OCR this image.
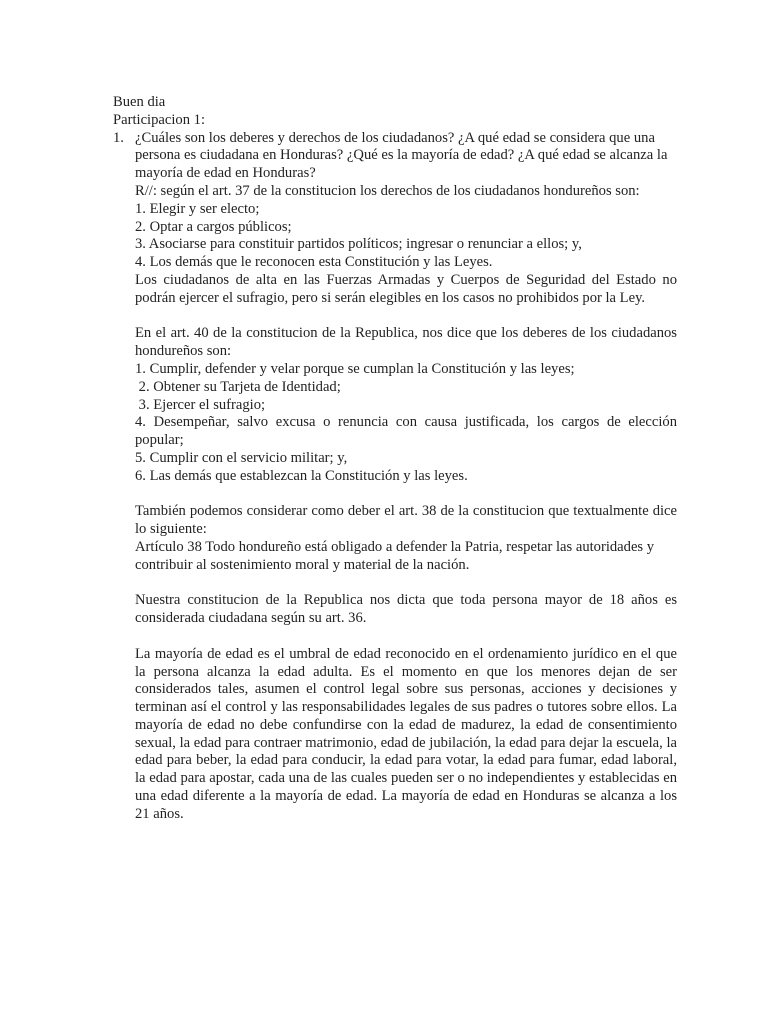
Buen dia
Participacion 1:
1. ¿Cuáles son los deberes y derechos de los ciudadanos? ¿A qué edad se considera que una persona es ciudadana en Honduras? ¿Qué es la mayoría de edad? ¿A qué edad se alcanza la mayoría de edad en Honduras?

R//: según el art. 37 de la constitucion los derechos de los ciudadanos hondureños son:

1. Elegir y ser electo;
2. Optar a cargos públicos;
3. Asociarse para constituir partidos políticos; ingresar o renunciar a ellos; y,
4. Los demás que le reconocen esta Constitución y las Leyes.

Los ciudadanos de alta en las Fuerzas Armadas y Cuerpos de Seguridad del Estado no podrán ejercer el sufragio, pero si serán elegibles en los casos no prohibidos por la Ley.

En el art. 40 de la constitucion de la Republica, nos dice que los deberes de los ciudadanos hondureños son:

1. Cumplir, defender y velar porque se cumplan la Constitución y las leyes;
2. Obtener su Tarjeta de Identidad;
3. Ejercer el sufragio;
4. Desempeñar, salvo excusa o renuncia con causa justificada, los cargos de elección popular;
5. Cumplir con el servicio militar; y,
6. Las demás que establezcan la Constitución y las leyes.

También podemos considerar como deber el art. 38 de la constitucion que textualmente dice lo siguiente:

Artículo 38 Todo hondureño está obligado a defender la Patria, respetar las autoridades y contribuir al sostenimiento moral y material de la nación.

Nuestra constitucion de la Republica nos dicta que toda persona mayor de 18 años es considerada ciudadana según su art. 36.

La mayoría de edad es el umbral de edad reconocido en el ordenamiento jurídico en el que la persona alcanza la edad adulta. Es el momento en que los menores dejan de ser considerados tales, asumen el control legal sobre sus personas, acciones y decisiones y terminan así el control y las responsabilidades legales de sus padres o tutores sobre ellos. La mayoría de edad no debe confundirse con la edad de madurez, la edad de consentimiento sexual, la edad para contraer matrimonio, edad de jubilación, la edad para dejar la escuela, la edad para beber, la edad para conducir, la edad para votar, la edad para fumar, edad laboral, la edad para apostar, cada una de las cuales pueden ser o no independientes y establecidas en una edad diferente a la mayoría de edad. La mayoría de edad en Honduras se alcanza a los 21 años.
